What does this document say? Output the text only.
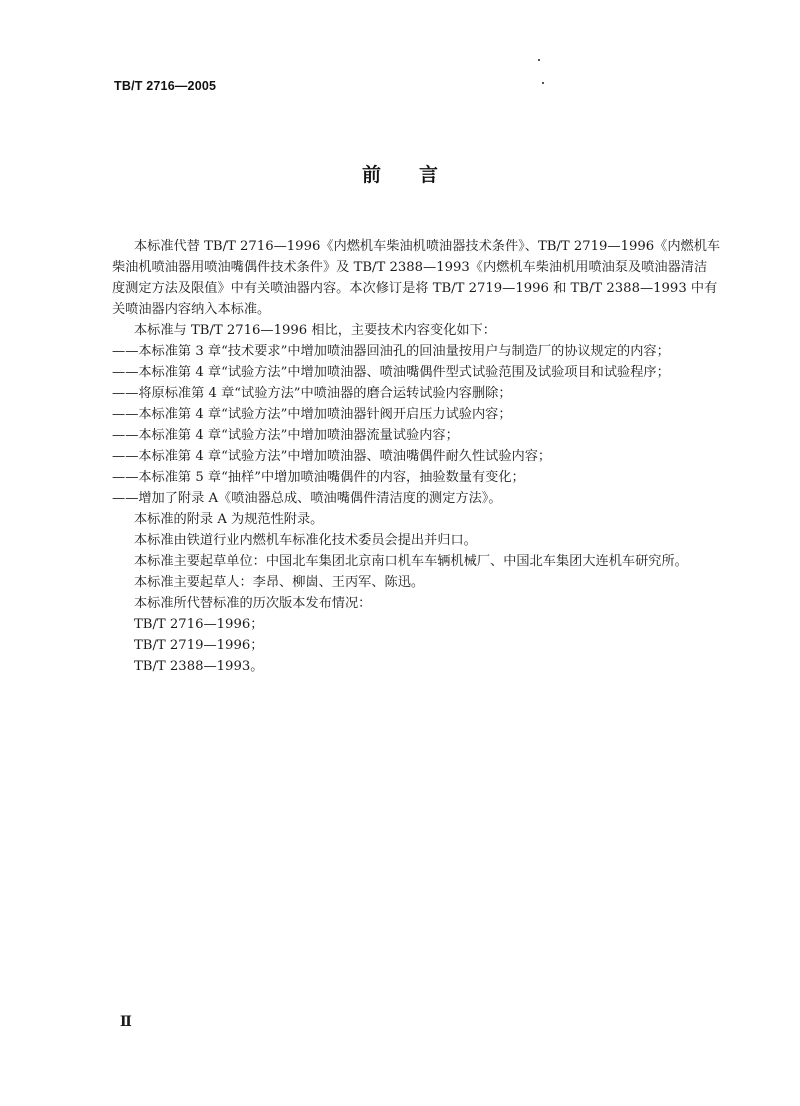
TB/T 2716—2005
前 言

本标准代替 TB/T 2716—1996《内燃机车柴油机喷油器技术条件》、TB/T 2719—1996《内燃机车

柴油机喷油器用喷油嘴偶件技术条件》及 TB/T 2388—1993《内燃机车柴油机用喷油泵及喷油器清洁

度测定方法及限值》中有关喷油器内容。本次修订是将 TB/T 2719—1996 和 TB/T 2388—1993 中有

关喷油器内容纳入本标准。

本标准与 TB/T 2716—1996 相比，主要技术内容变化如下：

——本标准第 3 章“技术要求”中增加喷油器回油孔的回油量按用户与制造厂的协议规定的内容；

——本标准第 4 章“试验方法”中增加喷油器、喷油嘴偶件型式试验范围及试验项目和试验程序；

——将原标准第 4 章“试验方法”中喷油器的磨合运转试验内容删除；

——本标准第 4 章“试验方法”中增加喷油器针阀开启压力试验内容；

——本标准第 4 章“试验方法”中增加喷油器流量试验内容；

——本标准第 4 章“试验方法”中增加喷油器、喷油嘴偶件耐久性试验内容；

——本标准第 5 章“抽样”中增加喷油嘴偶件的内容，抽验数量有变化；

——增加了附录 A《喷油器总成、喷油嘴偶件清洁度的测定方法》。

本标准的附录 A 为规范性附录。

本标准由铁道行业内燃机车标准化技术委员会提出并归口。

本标准主要起草单位：中国北车集团北京南口机车车辆机械厂、中国北车集团大连机车研究所。

本标准主要起草人：李昂、柳崮、王丙军、陈迅。

本标准所代替标准的历次版本发布情况：

TB/T 2716—1996；

TB/T 2719—1996；

TB/T 2388—1993。

Ⅱ
